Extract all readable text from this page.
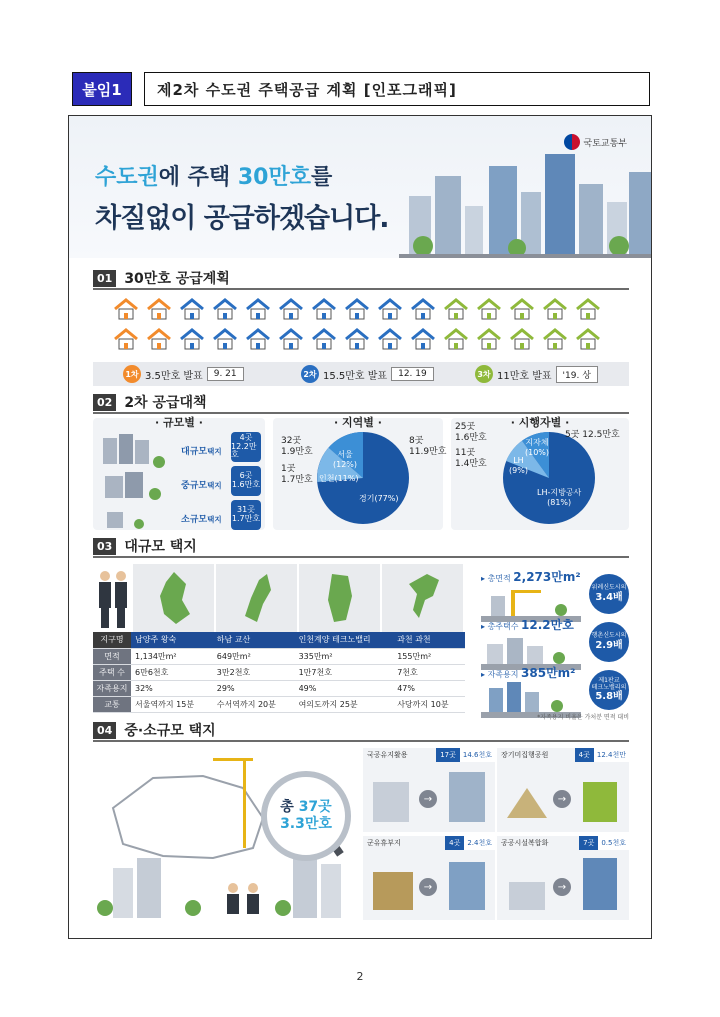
붙임1	제2차 수도권 주택공급 계획 [인포그래픽]
국토교통부
수도권에 주택 30만호를
차질없이 공급하겠습니다.
01 30만호 공급계획
1차 3.5만호 발표	9. 21	2차 15.5만호 발표	12. 19	3차 11만호 발표	'19. 상
02 2차 공급대책
· 규모별 ·
대규모택지
4곳
12.2만호
중규모택지
6곳
1.6만호
소규모택지
31곳
1.7만호
· 지역별 ·
서울
(12%)
인천(11%)
경기(77%)
32곳
1.9만호
1곳
1.7만호
8곳
11.9만호
· 시행자별 ·
지자체
(10%)
LH
(9%)
LH-지방공사
(81%)
25곳
1.6만호
11곳
1.4만호
5곳 12.5만호
03 대규모 택지
지구명	남양주 왕숙	하남 교산	인천계양 테크노밸리	과천 과천
면적	1,134만m²	649만m²	335만m²	155만m²
주택 수	6만6천호	3만2천호	1만7천호	7천호
자족용지	32%	29%	49%	47%
교통	서울역까지 15분	수서역까지 20분	여의도까지 25분	사당까지 10분
▸ 총면적 2,273만m²
위례신도시의
3.4배
▸ 총주택수 12.2만호
행촌신도시의
2.9배
▸ 자족용지 385만m²
제1판교
테크노밸리의
5.8배
*자족용지 비율은 가처분 면적 대비
04 중·소규모 택지
총 37곳
3.3만호
국공유지활용	17곳	14.6천호
→
장기미집행공원	4곳	12.4천만
→
군유휴부지	4곳	2.4천호
→
공공시설복합화	7곳	0.5천호
→
2
